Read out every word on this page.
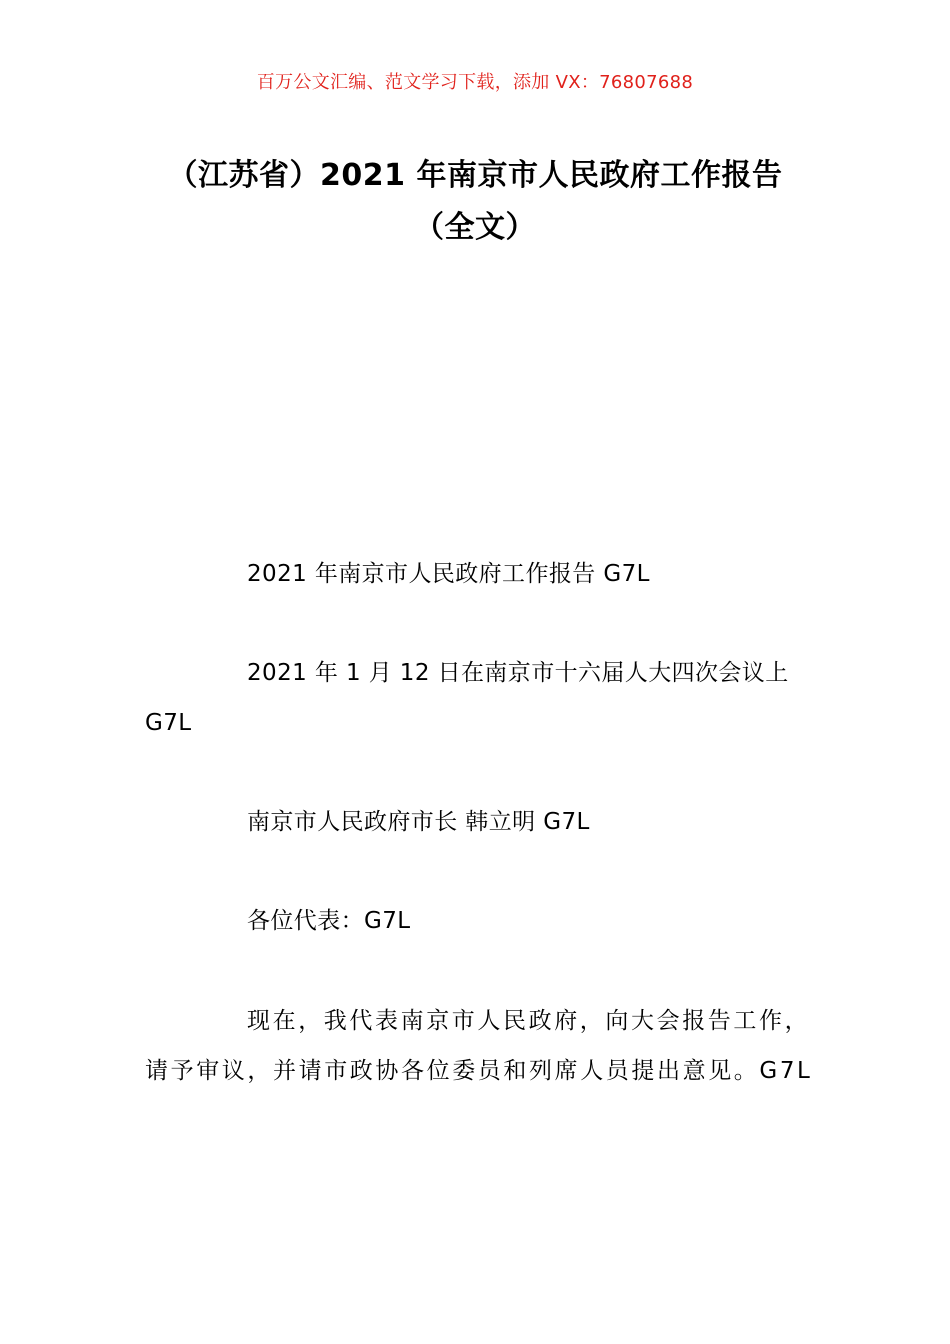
百万公文汇编、范文学习下载，添加 VX：76807688
（江苏省）2021 年南京市人民政府工作报告（全文）

2021 年南京市人民政府工作报告 G7L

2021 年 1 月 12 日在南京市十六届人大四次会议上 G7L

南京市人民政府市长 韩立明 G7L

各位代表：G7L

现在，我代表南京市人民政府，向大会报告工作，请予审议，并请市政协各位委员和列席人员提出意见。G7L
